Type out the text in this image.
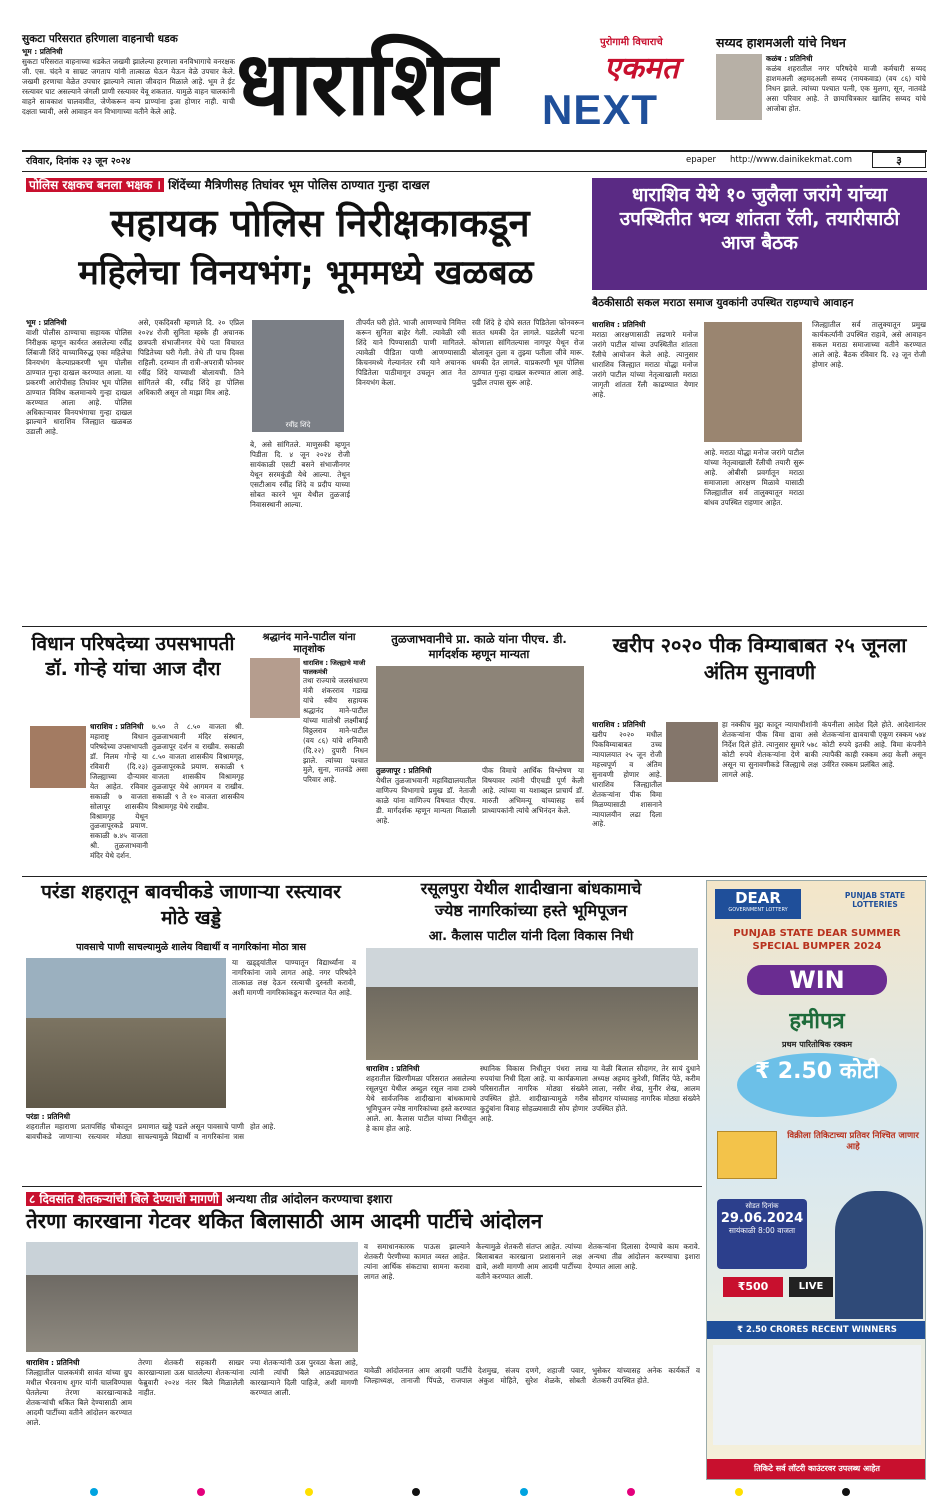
सुकटा परिसरात हरिणाला वाहनाची धडक
भूम : प्रतिनिधी
सुकटा परिसरात वाहनाच्या धडकेत जखमी झालेल्या हरणाला वनविभागाचे वनरक्षक जी. एस. चंदने व साम्रट जगताप यांनी तात्काळ घेऊन येऊन वेळे उपचार केले. जखमी हरणाचा वेळेत उपचार झाल्याने त्याला जीवदान मिळाले आहे. भूम ते ईट रस्त्यावर घाट असल्याने जंगली प्राणी रस्त्यावर येवू शकतात. यामुळे वाहन चालकांनी वाहने सावकाश चालवावीत, जेणेकरून वन्य प्राण्यांना इजा होणार नाही. याची दक्षता घ्यावी, असे आवाहन वन विभागाच्या वतीने केले आहे. धाराशिव	पुरोगामी विचाराचे
एकमत
NEXT
सय्यद हाशमअली यांचे निधन
कळंब : प्रतिनिधी
कळंब शहरातील नगर परिषदेचे माजी कर्मचारी सय्यद हाशमअली अहमदअली सय्यद (नायकवाड) (वय ८६) यांचे निधन झाले. त्यांच्या पश्चात पत्नी, एक मुलगा, सून, नातवंडे असा परिवार आहे. ते छायाचित्रकार खालिद सय्यद यांचे आजोबा होत.
रविवार, दिनांक २३ जून २०२४	epaper http://www.dainikekmat.com	३
पोलिस रक्षकच बनला भक्षक । शिंदेंच्या मैत्रिणीसह तिघांवर भूम पोलिस ठाण्यात गुन्हा दाखल
सहायक पोलिस निरीक्षकाकडून
महिलेचा विनयभंग; भूममध्ये खळबळ
भूम : प्रतिनिधी
वाशी पोलीस ठाण्याचा सहायक पोलिस निरीक्षक म्हणून कार्यरत असलेल्या रवींद्र लिंबाजी शिंदे याच्याविरुद्ध एका महिलेचा विनयभंग केल्याप्रकरणी भूम पोलीस ठाण्यात गुन्हा दाखल करण्यात आला. या प्रकरणी आरोपीसह तिघांवर भूम पोलिस ठाण्यात विविध कलमान्वये गुन्हा दाखल करण्यात आला आहे. पोलिस अधिकाऱ्यावर विनयभंगाचा गुन्हा दाखल झाल्याने धाराशिव जिल्ह्यात खळबळ उडाली आहे.
असे, एकदिवसी म्हणाले दि. २० एप्रिल २०२४ रोजी सुनिता म्हस्के ही अचानक छत्रपती संभाजीनगर येथे पता विचारत पिडितेच्या घरी गेली. तेथे ती पाच दिवस राहिली. दरम्यान ती रात्री-अपरात्री फोनवर रवींद्र शिंदे याच्याशी बोलायची. तिने सांगितले की, रवींद्र शिंदे हा पोलिस अधिकारी असून तो माझा मित्र आहे.
रवींद्र शिंदे
बे, असे सांगितले. माणुसकी म्हणून पिडीता दि. ४ जून २०२४ रोजी सायंकाळी एसटी बसने संभाजीनगर येथून सरमकुंडी येथे आल्या. तेथून एसटीआय रवींद्र शिंदे व प्रदीप याच्या सोबत कारने भूम येथील तुळजाई निवासस्थानी आल्या.
तीपर्यंत घरी होते. भाजी आणण्याचे निमित्त करून सुनिता बाहेर गेली. त्यावेळी रवी शिंदे याने पिण्यासाठी पाणी मागितले. त्यावेळी पीडिता पाणी आणण्यासाठी किचनमध्ये गेल्यानंतर रवी याने अचानक पिडितेला पाठीमागून उचलून आत नेत विनयभंग केला.
रवी शिंदे हे दोघे सतत पिडितेला फोनवरून सतत धमकी देत लागले. घडलेली घटना कोणाला सांगितल्यास नागपूर येथून रोज बोलावून तुला व तुझ्या पतीला जीवे मारू. धमकी देत लागले. याप्रकरणी भूम पोलिस ठाण्यात गुन्हा दाखल करण्यात आला आहे. पुढील तपास सुरू आहे.
धाराशिव येथे १० जुलैला जरांगे यांच्या उपस्थितीत भव्य शांतता रॅली, तयारीसाठी आज बैठक
बैठकीसाठी सकल मराठा समाज युवकांनी उपस्थित राहण्याचे आवाहन
धाराशिव : प्रतिनिधी
मराठा आरक्षणासाठी लढणारे मनोज जरांगे पाटील यांच्या उपस्थितीत शांतता रॅलीचे आयोजन केले आहे. त्यानुसार धाराशिव जिल्ह्यात मराठा योद्धा मनोज जरांगे पाटील यांच्या नेतृत्वाखाली मराठा जागृती शांतता रॅली काढण्यात येणार आहे.
आहे. मराठा योद्धा मनोज जरांगे पाटील यांच्या नेतृत्वाखाली रॅलीची तयारी सुरू आहे. ओबीसी प्रवर्गातून मराठा समाजाला आरक्षण मिळावे यासाठी जिल्ह्यातील सर्व तालुक्यातून मराठा बांधव उपस्थित राहणार आहेत.
जिल्ह्यातील सर्व तालुक्यातून प्रमुख कार्यकर्त्यांनी उपस्थित राहावे, असे आवाहन सकल मराठा समाजाच्या वतीने करण्यात आले आहे. बैठक रविवार दि. २३ जून रोजी होणार आहे.
विधान परिषदेच्या उपसभापती डॉ. गोऱ्हे यांचा आज दौरा
धाराशिव : प्रतिनिधी
महाराष्ट्र विधान परिषदेच्या उपसभापती डॉ. निलम गोऱ्हे या रविवारी (दि.२३) जिल्ह्याच्या दौऱ्यावर येत आहेत. रविवार सकाळी ७ वाजता सोलापूर शासकीय विश्रामगृह येथून तुळजापूरकडे प्रयाण. सकाळी ७.४५ वाजता श्री. तुळजाभवानी मंदिर येथे दर्शन.
७.५० ते ८.५० वाजता श्री. तुळजाभवानी मंदिर संस्थान, तुळजापूर दर्शन व राखीव. सकाळी ८.५० वाजता शासकीय विश्रामगृह, तुळजापूरकडे प्रयाण. सकाळी ९ वाजता शासकीय विश्रामगृह तुळजापूर येथे आगमन व राखीव. सकाळी ९ ते १० वाजता शासकीय विश्रामगृह येथे राखीव.
श्रद्धानंद माने-पाटील यांना मातृशोक
धाराशिव : जिल्ह्याचे माजी पालकमंत्री
तथा राज्याचे जलसंधारण मंत्री शंकरराव गडाख यांचे स्वीय सहायक श्रद्धानंद माने-पाटील यांच्या मातोश्री लक्ष्मीबाई विठ्ठलराव माने-पाटील (वय ८६) यांचे शनिवारी (दि.२२) दुपारी निधन झाले. त्यांच्या पश्चात मुले, सुना, नातवंडे असा परिवार आहे.
तुळजाभवानीचे प्रा. काळे यांना पीएच. डी. मार्गदर्शक म्हणून मान्यता
तुळजापूर : प्रतिनिधी
येथील तुळजाभवानी महाविद्यालयातील वाणिज्य विभागाचे प्रमुख डॉ. नेताजी काळे यांना वाणिज्य विषयात पीएच. डी. मार्गदर्शक म्हणून मान्यता मिळाली आहे.
पीक विमाचे आर्थिक विश्लेषण या विषयावर त्यांनी पीएचडी पूर्ण केली आहे. त्यांच्या या यशाबद्दल प्राचार्य डॉ. मारुती अभिमन्यू यांच्यासह सर्व प्राध्यापकांनी त्यांचे अभिनंदन केले.
खरीप २०२० पीक विम्याबाबत २५ जूनला अंतिम सुनावणी
धाराशिव : प्रतिनिधी
खरीप २०२० मधील पिकविम्याबाबत उच्च न्यायालयात २५ जून रोजी महत्त्वपूर्ण व अंतिम सुनावणी होणार आहे. धाराशिव जिल्ह्यातील शेतकऱ्यांना पीक विमा मिळण्यासाठी शासनाने न्यायालयीन लढा दिला आहे.
हा नक्कीच मुद्दा कादून न्यायाधीशांनी शेतकऱ्यांना पीक विमा द्यावा असे निर्देश दिले होते. त्यानुसार सुमारे ५७८ कोटी रुपये शेतकऱ्यांना देणे बाकी असून या सुनावणीकडे जिल्ह्याचे लक्ष लागले आहे.
कंपनीला आदेश दिले होते. आदेशानंतर शेतकऱ्यांना द्यावयाची एकूण रक्कम ५७४ कोटी रुपये इतकी आहे. विमा कंपनीने त्यापैकी काही रक्कम अदा केली असून उर्वरित रक्कम प्रलंबित आहे.
परंडा शहरातून बावचीकडे जाणाऱ्या रस्त्यावर मोठे खड्डे
पावसाचे पाणी साचल्यामुळे शालेय विद्यार्थी व नागरिकांना मोठा त्रास
या खड्ड्यांतील पाण्यातून विद्यार्थ्यांना व नागरिकांना जावे लागत आहे. नगर परिषदेने तात्काळ लक्ष देऊन रस्त्याची दुरुस्ती करावी, अशी मागणी नागरिकांकडून करण्यात येत आहे.
परंडा : प्रतिनिधी
शहरातील महाराणा प्रतापसिंह चौकातून बावचीकडे जाणाऱ्या रस्त्यावर मोठ्या प्रमाणात खड्डे पडले असून पावसाचे पाणी साचल्यामुळे विद्यार्थी व नागरिकांना त्रास होत आहे.
रसूलपुरा येथील शादीखाना बांधकामाचे
ज्येष्ठ नागरिकांच्या हस्ते भूमिपूजन
आ. कैलास पाटील यांनी दिला विकास निधी
धाराशिव : प्रतिनिधी
शहरातील खिरणीमळा परिसरात असलेल्या रसूलपुरा येथील अब्दुल रसूल नावा टाक्ये येथे सार्वजनिक शादीखाना बांधकामाचे भूमिपूजन ज्येष्ठ नागरिकांच्या हस्ते करण्यात आले. आ. कैलास पाटील यांच्या निधीतून हे काम होत आहे.
स्थानिक विकास निधीतून पंधरा लाख रुपयांचा निधी दिला आहे. या कार्यक्रमाला परिसरातील नागरिक मोठ्या संख्येने उपस्थित होते. शादीखान्यामुळे गरीब कुटुंबांना विवाह सोहळ्यासाठी सोय होणार आहे.
या वेळी बिलाल सौदागर, तेर सायं दुधाने अध्यक्ष अहमद कुरेशी, मिलिंद पेठे, करीम लाला, नसीर शेख, मुनीर शेख, आलम सौदागर यांच्यासह नागरिक मोठ्या संख्येने उपस्थित होते.
DEAR
GOVERNMENT LOTTERY
PUNJAB STATE LOTTERIES
PUNJAB STATE DEAR SUMMER SPECIAL BUMPER 2024
WIN
हमीपत्र
प्रथम पारितोषिक रक्कम
₹ 2.50 कोटी
विक्रीला तिकिटाच्या प्रतिवर निश्चित जाणार आहे
सोडत दिनांक
29.06.2024
सायंकाळी 8:00 वाजता
₹500	LIVE
₹ 2.50 CRORES RECENT WINNERS
तिकिटे सर्व लॉटरी काउंटरवर उपलब्ध आहेत
८ दिवसांत शेतकऱ्यांची बिले देण्याची मागणी अन्यथा तीव्र आंदोलन करण्याचा इशारा
तेरणा कारखाना गेटवर थकित बिलासाठी आम आदमी पार्टीचे आंदोलन
व समाधानकारक पाऊस झाल्याने शेतकरी पेरणीच्या कामात व्यस्त आहेत. त्यांना आर्थिक संकटाचा सामना करावा लागत आहे.
केल्यामुळे शेतकरी संतप्त आहेत. त्यांच्या बिलाबाबत कारखाना प्रशासनाने लक्ष द्यावे, अशी मागणी आम आदमी पार्टीच्या वतीने करण्यात आली.
शेतकऱ्यांना दिलासा देण्याचे काम करावे. अन्यथा तीव्र आंदोलन करण्याचा इशारा देण्यात आला आहे.
धाराशिव : प्रतिनिधी
जिल्ह्यातील पालकमंत्री सावंत यांच्या ग्रुप मधील भैरवनाथ शुगर यांनी चालविण्यास घेतलेल्या तेरणा कारखान्याकडे शेतकऱ्यांची थकित बिले देण्यासाठी आम आदमी पार्टीच्या वतीने आंदोलन करण्यात आले.
तेरणा शेतकरी सहकारी साखर कारखान्याला ऊस घातलेल्या शेतकऱ्यांना फेब्रुवारी २०२४ नंतर बिले मिळालेली नाहीत.
ज्या शेतकऱ्यांनी ऊस पुरवठा केला आहे, त्यांनी त्यांची बिले आठवड्याभरात कारखान्याने दिली पाहिजे, अशी मागणी करण्यात आली.
यावेळी आंदोलनात आम आदमी पार्टीचे जिल्हाध्यक्ष, तानाजी पिंपळे, राजपाल देशमुख, संजय दणगे, शहाजी पवार, अंकुश मोहिते, सुरेश शेळके, सोबती भुसेकर यांच्यासह अनेक कार्यकर्ते व शेतकरी उपस्थित होते.
